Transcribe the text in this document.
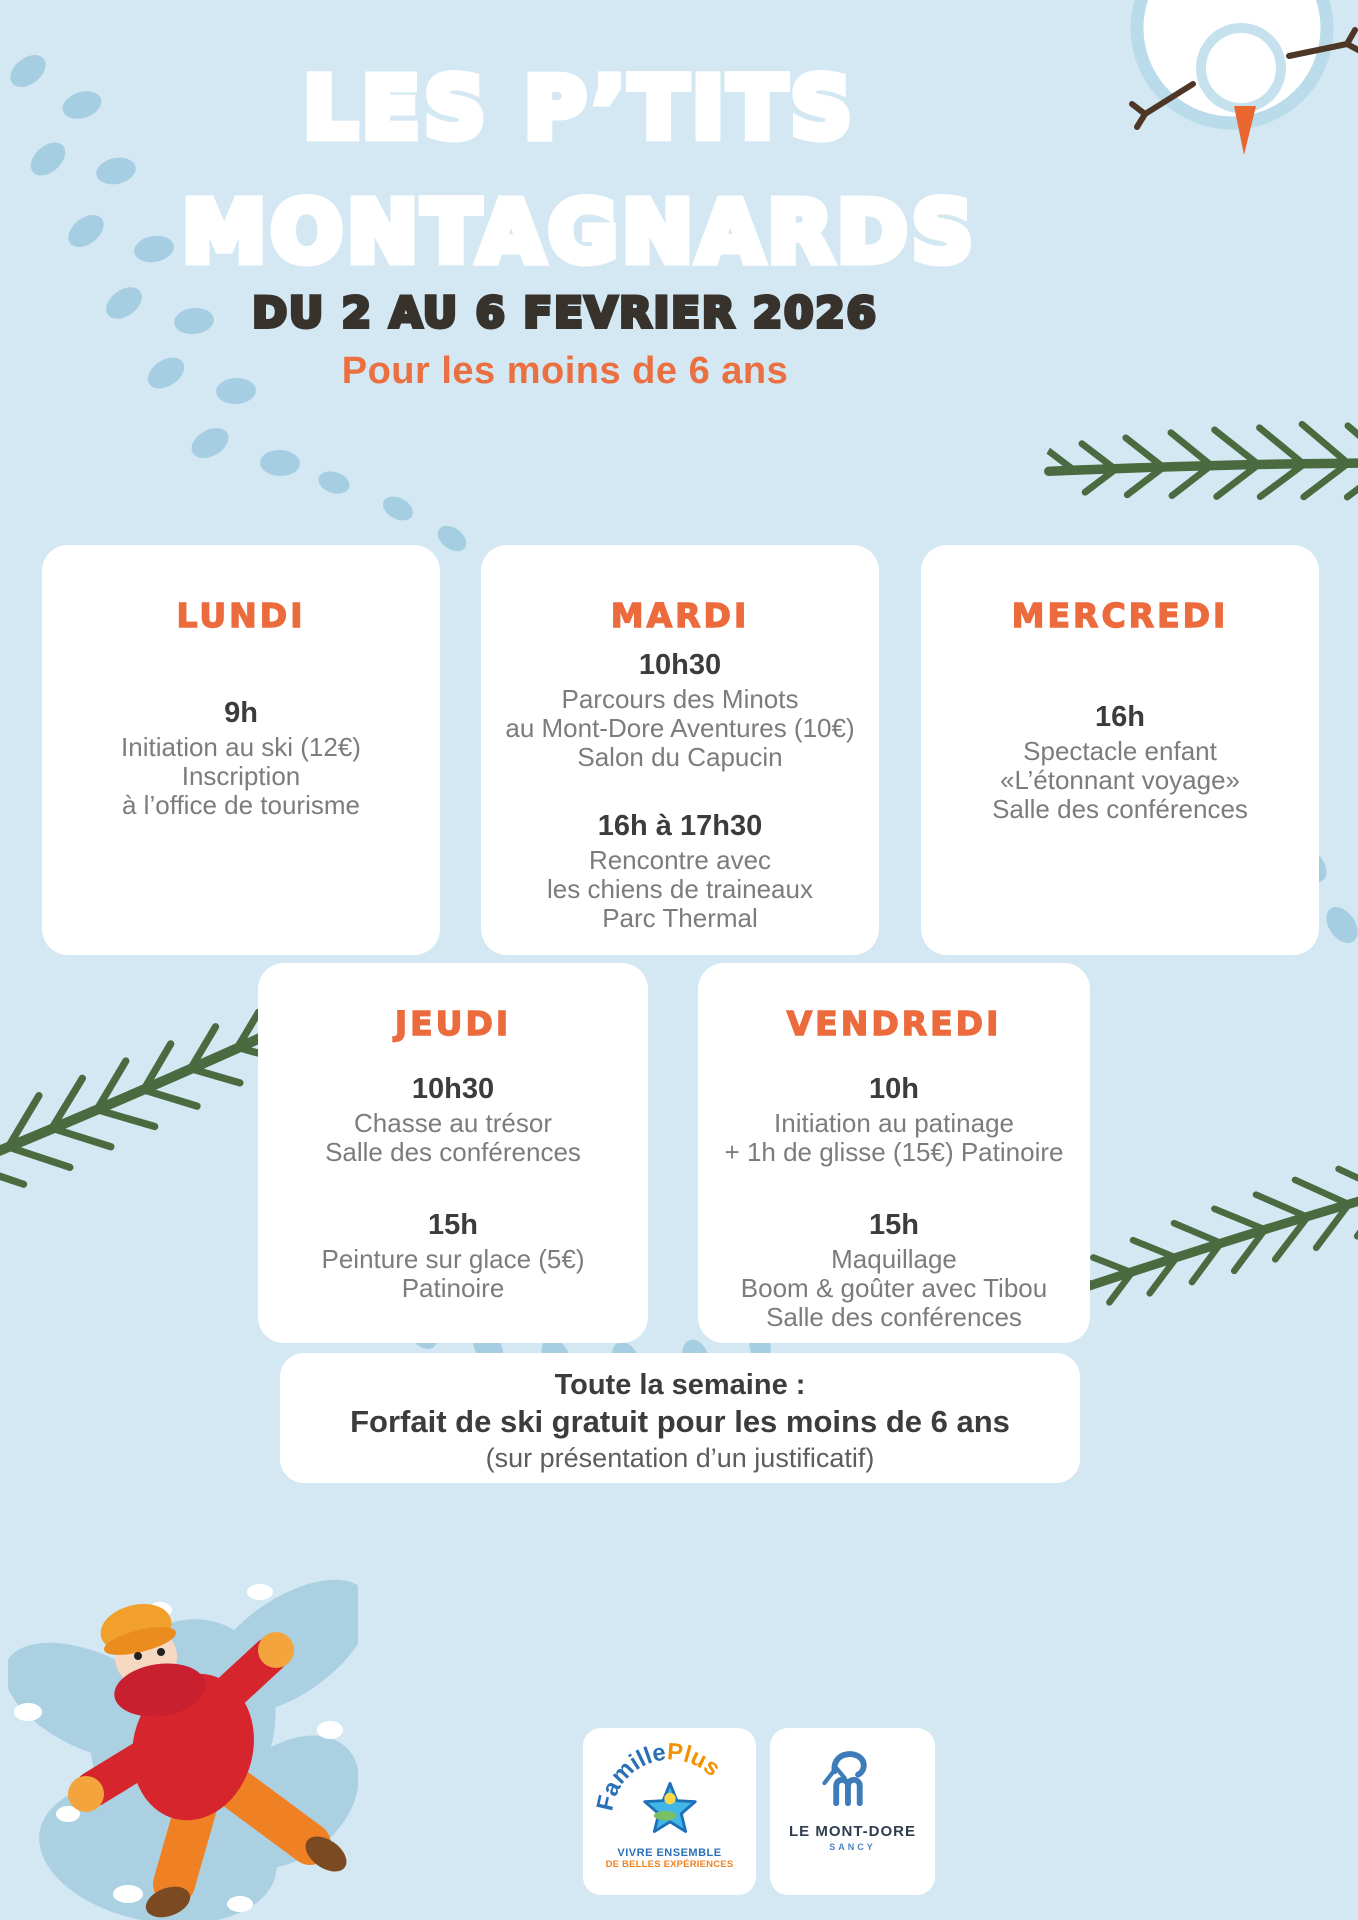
LES P’TITS
MONTAGNARDS
DU 2 AU 6 FEVRIER 2026
Pour les moins de 6 ans
LUNDI
9h
Initiation au ski (12€)
Inscription
à l’office de tourisme
MARDI
10h30
Parcours des Minots
au Mont-Dore Aventures (10€)
Salon du Capucin
16h à 17h30
Rencontre avec
les chiens de traineaux
Parc Thermal
MERCREDI
16h
Spectacle enfant
«L’étonnant voyage»
Salle des conférences
JEUDI
10h30
Chasse au trésor
Salle des conférences
15h
Peinture sur glace (5€)
Patinoire
VENDREDI
10h
Initiation au patinage
+ 1h de glisse (15€) Patinoire
15h
Maquillage
Boom & goûter avec Tibou
Salle des conférences
Toute la semaine :
Forfait de ski gratuit pour les moins de 6 ans
(sur présentation d’un justificatif)
FamillePlus
VIVRE ENSEMBLE
DE BELLES EXPÉRIENCES
LE MONT-DORE
SANCY
